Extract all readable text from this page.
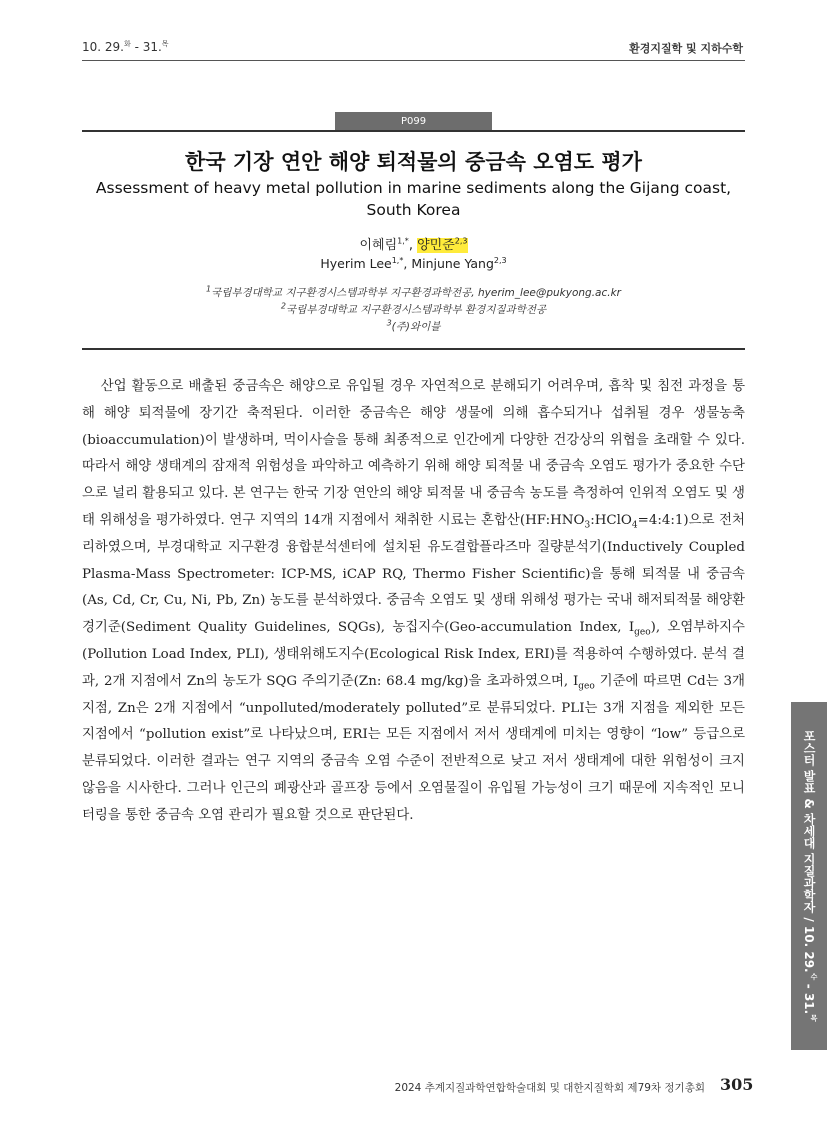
10. 29.$^화$ - 31.$^목$	환경지질학 및 지하수학
P099
한국 기장 연안 해양 퇴적물의 중금속 오염도 평가
Assessment of heavy metal pollution in marine sediments along the Gijang coast,
South Korea
이혜림$^{1,*}$, 양민준$^{2,3}$
Hyerim Lee$^{1,*}$, Minjune Yang$^{2,3}$
$^1$국립부경대학교 지구환경시스템과학부 지구환경과학전공, hyerim_lee@pukyong.ac.kr
$^2$국립부경대학교 지구환경시스템과학부 환경지질과학전공
$^3$(주)와이블

산업 활동으로 배출된 중금속은 해양으로 유입될 경우 자연적으로 분해되기 어려우며, 흡착 및 침전 과정을 통해 해양 퇴적물에 장기간 축적된다. 이러한 중금속은 해양 생물에 의해 흡수되거나 섭취될 경우 생물농축(bioaccumulation)이 발생하며, 먹이사슬을 통해 최종적으로 인간에게 다양한 건강상의 위협을 초래할 수 있다. 따라서 해양 생태계의 잠재적 위험성을 파악하고 예측하기 위해 해양 퇴적물 내 중금속 오염도 평가가 중요한 수단으로 널리 활용되고 있다. 본 연구는 한국 기장 연안의 해양 퇴적물 내 중금속 농도를 측정하여 인위적 오염도 및 생태 위해성을 평가하였다. 연구 지역의 14개 지점에서 채취한 시료는 혼합산$(HF:HNO_3:HClO_4=4:4:1)$으로 전처리하였으며, 부경대학교 지구환경 융합분석센터에 설치된 유도결합플라즈마 질량분석기(Inductively Coupled Plasma-Mass Spectrometer: ICP-MS, iCAP RQ, Thermo Fisher Scientific)을 통해 퇴적물 내 중금속(As, Cd, Cr, Cu, Ni, Pb, Zn) 농도를 분석하였다. 중금속 오염도 및 생태 위해성 평가는 국내 해저퇴적물 해양환경기준(Sediment Quality Guidelines, SQGs), 농집지수(Geo-accumulation Index, $I_{geo}$), 오염부하지수(Pollution Load Index, PLI), 생태위해도지수(Ecological Risk Index, ERI)를 적용하여 수행하였다. 분석 결과, 2개 지점에서 Zn의 농도가 SQG 주의기준(Zn: 68.4 mg/kg)을 초과하였으며, $I_{geo}$ 기준에 따르면 Cd는 3개 지점, Zn은 2개 지점에서 “unpolluted/moderately polluted”로 분류되었다. PLI는 3개 지점을 제외한 모든 지점에서 “pollution exist”로 나타났으며, ERI는 모든 지점에서 저서 생태계에 미치는 영향이 “low” 등급으로 분류되었다. 이러한 결과는 연구 지역의 중금속 오염 수준이 전반적으로 낮고 저서 생태계에 대한 위험성이 크지 않음을 시사한다. 그러나 인근의 폐광산과 골프장 등에서 오염물질이 유입될 가능성이 크기 때문에 지속적인 모니터링을 통한 중금속 오염 관리가 필요할 것으로 판단된다.	포스터 발표 & 차세대 지질과학자 / 10. 29.$^수$ - 31.$^목$
2024 추계지질과학연합학술대회 및 대한지질학회 제79차 정기총회 305
